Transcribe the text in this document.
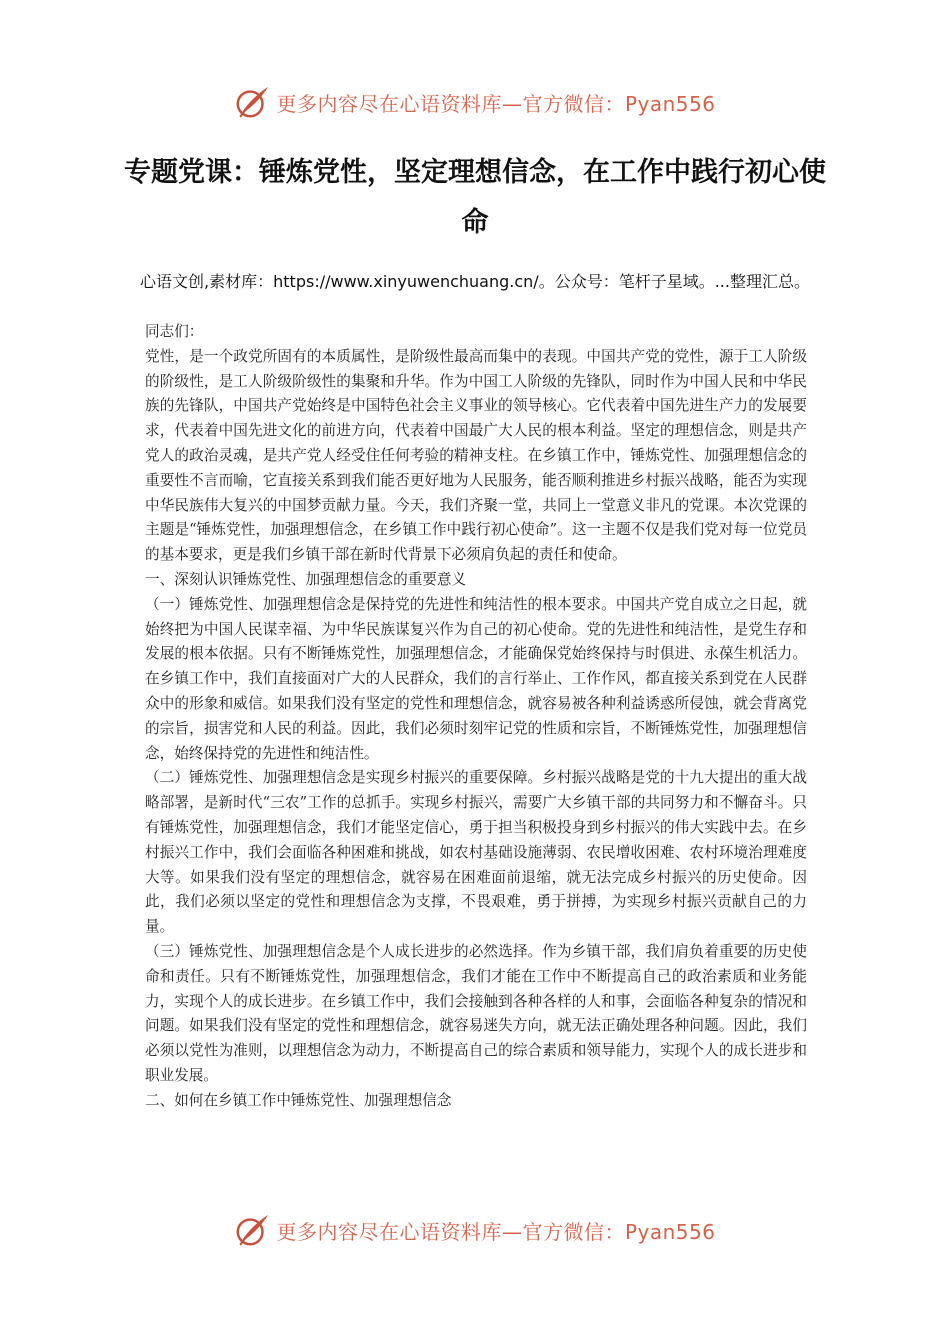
更多内容尽在心语资料库—官方微信：Pyan556
专题党课：锤炼党性，坚定理想信念，在工作中践行初心使命
心语文创,素材库：https://www.xinyuwenchuang.cn/。公众号：笔杆子星域。...整理汇总。

同志们：

党性，是一个政党所固有的本质属性，是阶级性最高而集中的表现。中国共产党的党性，源于工人阶级的阶级性，是工人阶级阶级性的集聚和升华。作为中国工人阶级的先锋队，同时作为中国人民和中华民族的先锋队，中国共产党始终是中国特色社会主义事业的领导核心。它代表着中国先进生产力的发展要求，代表着中国先进文化的前进方向，代表着中国最广大人民的根本利益。坚定的理想信念，则是共产党人的政治灵魂，是共产党人经受住任何考验的精神支柱。在乡镇工作中，锤炼党性、加强理想信念的重要性不言而喻，它直接关系到我们能否更好地为人民服务，能否顺利推进乡村振兴战略，能否为实现中华民族伟大复兴的中国梦贡献力量。今天，我们齐聚一堂，共同上一堂意义非凡的党课。本次党课的主题是“锤炼党性，加强理想信念，在乡镇工作中践行初心使命”。这一主题不仅是我们党对每一位党员的基本要求，更是我们乡镇干部在新时代背景下必须肩负起的责任和使命。

一、深刻认识锤炼党性、加强理想信念的重要意义

（一）锤炼党性、加强理想信念是保持党的先进性和纯洁性的根本要求。中国共产党自成立之日起，就始终把为中国人民谋幸福、为中华民族谋复兴作为自己的初心使命。党的先进性和纯洁性，是党生存和发展的根本依据。只有不断锤炼党性，加强理想信念，才能确保党始终保持与时俱进、永葆生机活力。在乡镇工作中，我们直接面对广大的人民群众，我们的言行举止、工作作风，都直接关系到党在人民群众中的形象和威信。如果我们没有坚定的党性和理想信念，就容易被各种利益诱惑所侵蚀，就会背离党的宗旨，损害党和人民的利益。因此，我们必须时刻牢记党的性质和宗旨，不断锤炼党性，加强理想信念，始终保持党的先进性和纯洁性。

（二）锤炼党性、加强理想信念是实现乡村振兴的重要保障。乡村振兴战略是党的十九大提出的重大战略部署，是新时代“三农”工作的总抓手。实现乡村振兴，需要广大乡镇干部的共同努力和不懈奋斗。只有锤炼党性，加强理想信念，我们才能坚定信心，勇于担当积极投身到乡村振兴的伟大实践中去。在乡村振兴工作中，我们会面临各种困难和挑战，如农村基础设施薄弱、农民增收困难、农村环境治理难度大等。如果我们没有坚定的理想信念，就容易在困难面前退缩，就无法完成乡村振兴的历史使命。因此，我们必须以坚定的党性和理想信念为支撑，不畏艰难，勇于拼搏，为实现乡村振兴贡献自己的力量。

（三）锤炼党性、加强理想信念是个人成长进步的必然选择。作为乡镇干部，我们肩负着重要的历史使命和责任。只有不断锤炼党性，加强理想信念，我们才能在工作中不断提高自己的政治素质和业务能力，实现个人的成长进步。在乡镇工作中，我们会接触到各种各样的人和事，会面临各种复杂的情况和问题。如果我们没有坚定的党性和理想信念，就容易迷失方向，就无法正确处理各种问题。因此，我们必须以党性为准则，以理想信念为动力，不断提高自己的综合素质和领导能力，实现个人的成长进步和职业发展。

二、如何在乡镇工作中锤炼党性、加强理想信念

更多内容尽在心语资料库—官方微信：Pyan556
